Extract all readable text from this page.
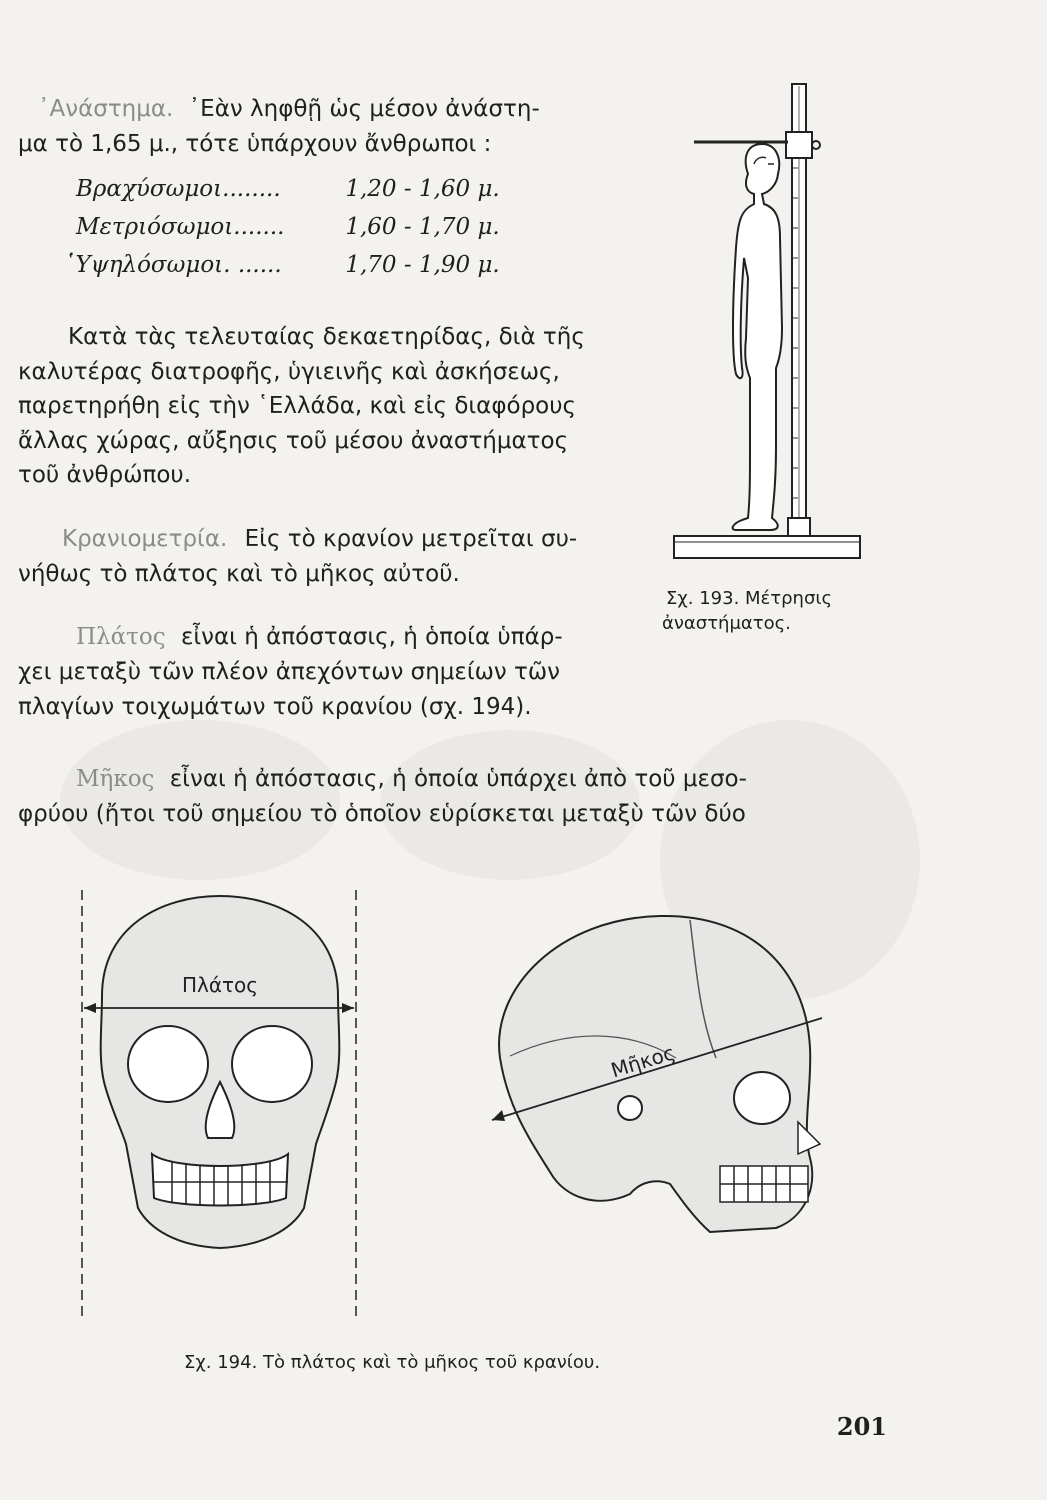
᾿Ανάστημα. ᾿Εὰν ληφθῇ ὡς μέσον ἀνάστη-
μα τὸ 1,65 μ., τότε ὑπάρχουν ἄνθρωποι :
Βραχύσωμοι........	1,20 - 1,60 μ.
Μετριόσωμοι.......	1,60 - 1,70 μ.
῾Υψηλόσωμοι. ......	1,70 - 1,90 μ.
Κατὰ τὰς τελευταίας δεκαετηρίδας, διὰ τῆς
καλυτέρας διατροφῆς, ὑγιεινῆς καὶ ἀσκήσεως,
παρετηρήθη εἰς τὴν ῾Ελλάδα, καὶ εἰς διαφόρους
ἄλλας χώρας, αὔξησις τοῦ μέσου ἀναστήματος
τοῦ ἀνθρώπου.
Κρανιομετρία. Εἰς τὸ κρανίον μετρεῖται συ-
νήθως τὸ πλάτος καὶ τὸ μῆκος αὐτοῦ.
Πλάτος εἶναι ἡ ἀπόστασις, ἡ ὁποία ὑπάρ-
χει μεταξὺ τῶν πλέον ἀπεχόντων σημείων τῶν
πλαγίων τοιχωμάτων τοῦ κρανίου (σχ. 194).
Μῆκος εἶναι ἡ ἀπόστασις, ἡ ὁποία ὑπάρχει ἀπὸ τοῦ μεσο-
φρύου (ἤτοι τοῦ σημείου τὸ ὁποῖον εὑρίσκεται μεταξὺ τῶν δύο
Σχ. 193. Μέτρησις
ἀναστήματος.
Πλάτος
Μῆκος
Σχ. 194. Τὸ πλάτος καὶ τὸ μῆκος τοῦ κρανίου.
201
